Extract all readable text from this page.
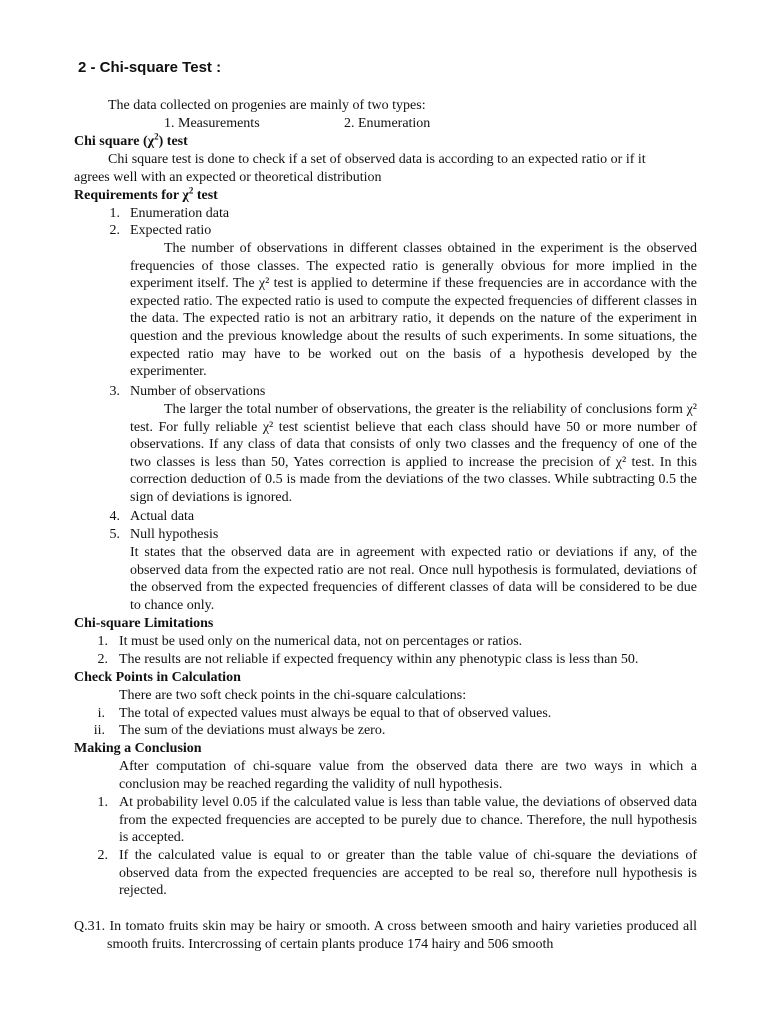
2 - Chi-square Test :
The data collected on progenies are mainly of two types:
1. Measurements	2. Enumeration
Chi square $(\chi^2)$ test
Chi square test is done to check if a set of observed data is according to an expected ratio or if it
agrees well with an expected or theoretical distribution
Requirements for $\chi^2$ test
1. Enumeration data
2. Expected ratio
The number of observations in different classes obtained in the experiment is the observed frequencies of those classes. The expected ratio is generally obvious for more implied in the experiment itself. The χ² test is applied to determine if these frequencies are in accordance with the expected ratio. The expected ratio is used to compute the expected frequencies of different classes in the data. The expected ratio is not an arbitrary ratio, it depends on the nature of the experiment in question and the previous knowledge about the results of such experiments. In some situations, the expected ratio may have to be worked out on the basis of a hypothesis developed by the experimenter.
3. Number of observations
The larger the total number of observations, the greater is the reliability of conclusions form χ² test. For fully reliable χ² test scientist believe that each class should have 50 or more number of observations. If any class of data that consists of only two classes and the frequency of one of the two classes is less than 50, Yates correction is applied to increase the precision of χ² test. In this correction deduction of 0.5 is made from the deviations of the two classes. While subtracting 0.5 the sign of deviations is ignored.
4. Actual data
5. Null hypothesis
It states that the observed data are in agreement with expected ratio or deviations if any, of the observed data from the expected ratio are not real. Once null hypothesis is formulated, deviations of the observed from the expected frequencies of different classes of data will be considered to be due to chance only.
Chi-square Limitations
1. It must be used only on the numerical data, not on percentages or ratios.
2. The results are not reliable if expected frequency within any phenotypic class is less than 50.
Check Points in Calculation
There are two soft check points in the chi-square calculations:
i. The total of expected values must always be equal to that of observed values.
ii. The sum of the deviations must always be zero.
Making a Conclusion
After computation of chi-square value from the observed data there are two ways in which a conclusion may be reached regarding the validity of null hypothesis.
1. At probability level 0.05 if the calculated value is less than table value, the deviations of observed data from the expected frequencies are accepted to be purely due to chance. Therefore, the null hypothesis is accepted.
2. If the calculated value is equal to or greater than the table value of chi-square the deviations of observed data from the expected frequencies are accepted to be real so, therefore null hypothesis is rejected.
Q.31. In tomato fruits skin may be hairy or smooth. A cross between smooth and hairy varieties produced all smooth fruits. Intercrossing of certain plants produce 174 hairy and 506 smooth
